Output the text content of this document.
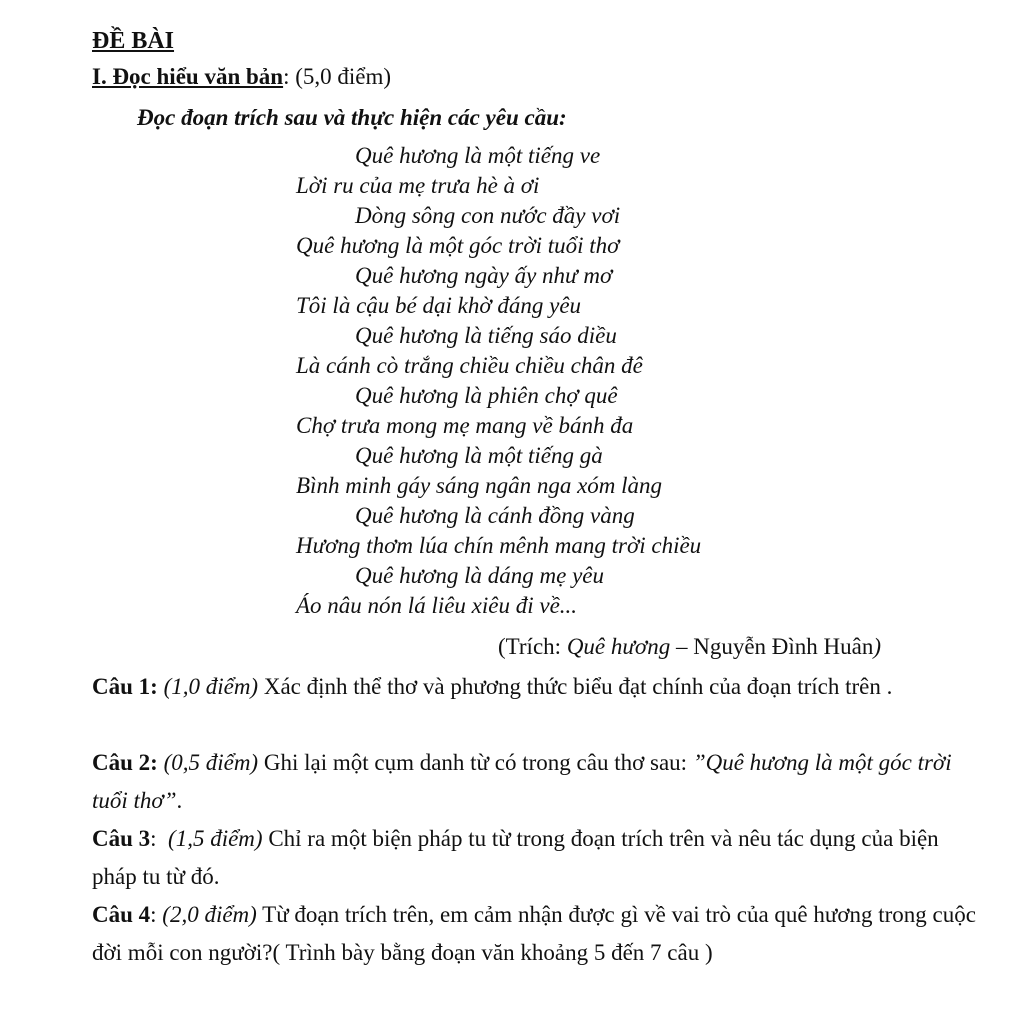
ĐỀ BÀI
I. Đọc hiểu văn bản: (5,0 điểm)
Đọc đoạn trích sau và thực hiện các yêu cầu:
Quê hương là một tiếng ve
Lời ru của mẹ trưa hè à ơi
Dòng sông con nước đầy vơi
Quê hương là một góc trời tuổi thơ
Quê hương ngày ấy như mơ
Tôi là cậu bé dại khờ đáng yêu
Quê hương là tiếng sáo diều
Là cánh cò trắng chiều chiều chân đê
Quê hương là phiên chợ quê
Chợ trưa mong mẹ mang về bánh đa
Quê hương là một tiếng gà
Bình minh gáy sáng ngân nga xóm làng
Quê hương là cánh đồng vàng
Hương thơm lúa chín mênh mang trời chiều
Quê hương là dáng mẹ yêu
Áo nâu nón lá liêu xiêu đi về...
(Trích: Quê hương – Nguyễn Đình Huân)
Câu 1: (1,0 điểm) Xác định thể thơ và phương thức biểu đạt chính của đoạn trích trên .
Câu 2: (0,5 điểm) Ghi lại một cụm danh từ có trong câu thơ sau: ”Quê hương là một góc trời tuổi thơ”.
Câu 3: (1,5 điểm) Chỉ ra một biện pháp tu từ trong đoạn trích trên và nêu tác dụng của biện pháp tu từ đó.
Câu 4: (2,0 điểm) Từ đoạn trích trên, em cảm nhận được gì về vai trò của quê hương trong cuộc đời mỗi con người?( Trình bày bằng đoạn văn khoảng 5 đến 7 câu )
